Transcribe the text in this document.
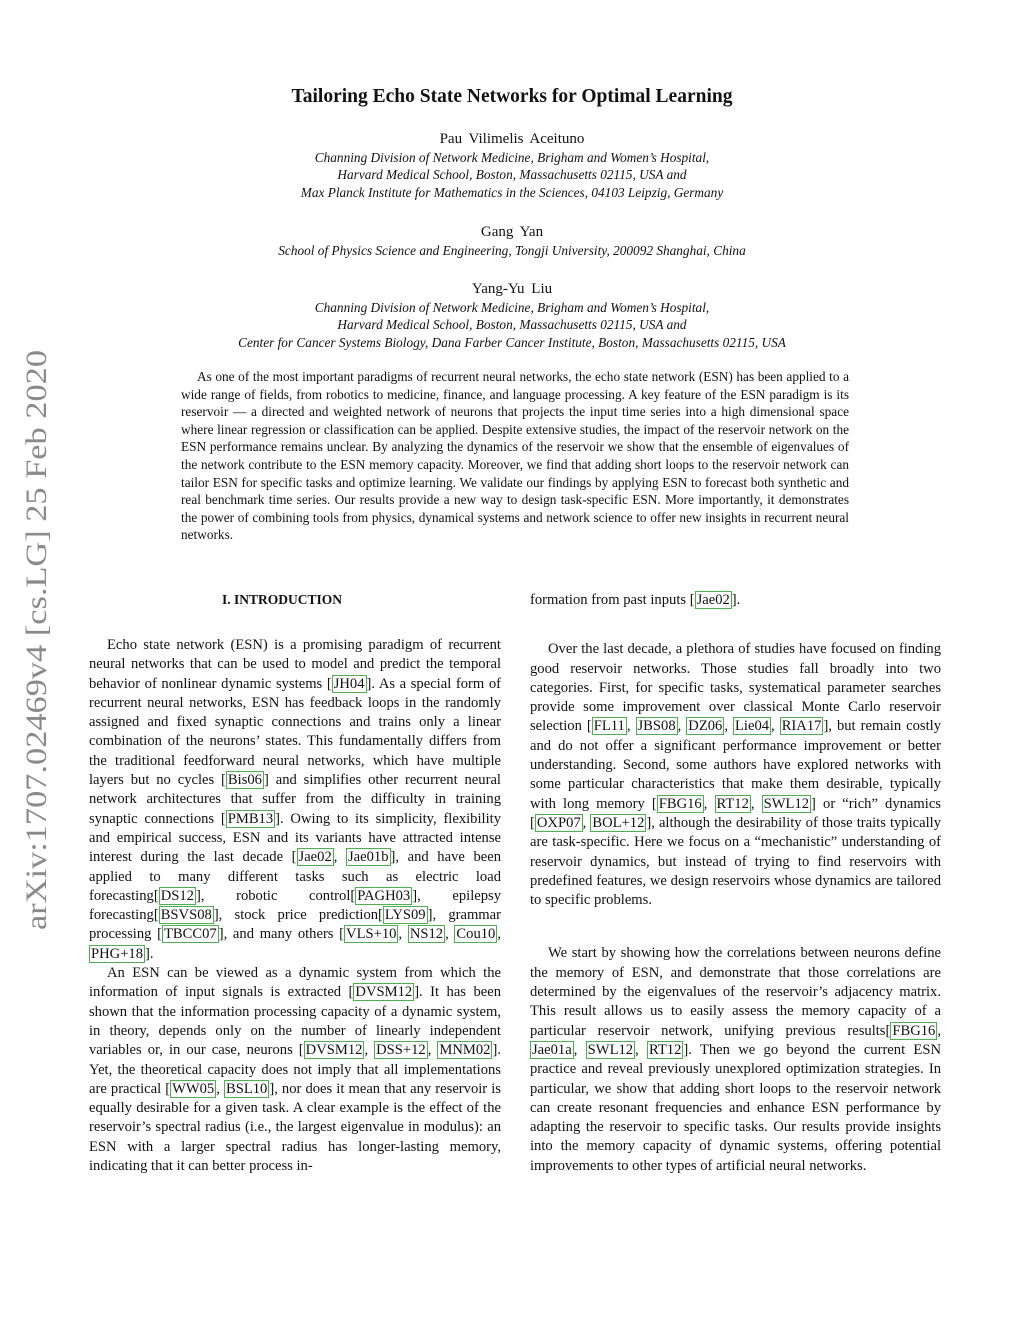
arXiv:1707.02469v4 [cs.LG] 25 Feb 2020
Tailoring Echo State Networks for Optimal Learning
Pau Vilimelis Aceituno
Channing Division of Network Medicine, Brigham and Women’s Hospital,
Harvard Medical School, Boston, Massachusetts 02115, USA and
Max Planck Institute for Mathematics in the Sciences, 04103 Leipzig, Germany
Gang Yan
School of Physics Science and Engineering, Tongji University, 200092 Shanghai, China
Yang-Yu Liu
Channing Division of Network Medicine, Brigham and Women’s Hospital,
Harvard Medical School, Boston, Massachusetts 02115, USA and
Center for Cancer Systems Biology, Dana Farber Cancer Institute, Boston, Massachusetts 02115, USA
As one of the most important paradigms of recurrent neural networks, the echo state network (ESN) has been applied to a wide range of fields, from robotics to medicine, finance, and language processing. A key feature of the ESN paradigm is its reservoir — a directed and weighted network of neurons that projects the input time series into a high dimensional space where linear regression or classification can be applied. Despite extensive studies, the impact of the reservoir network on the ESN performance remains unclear. By analyzing the dynamics of the reservoir we show that the ensemble of eigenvalues of the network contribute to the ESN memory capacity. Moreover, we find that adding short loops to the reservoir network can tailor ESN for specific tasks and optimize learning. We validate our findings by applying ESN to forecast both synthetic and real benchmark time series. Our results provide a new way to design task-specific ESN. More importantly, it demonstrates the power of combining tools from physics, dynamical systems and network science to offer new insights in recurrent neural networks.
I. INTRODUCTION

Echo state network (ESN) is a promising paradigm of recurrent neural networks that can be used to model and predict the temporal behavior of nonlinear dynamic systems [ JH04 ]. As a special form of recurrent neural networks, ESN has feedback loops in the randomly assigned and fixed synaptic connections and trains only a linear combination of the neurons’ states. This fundamentally differs from the traditional feedforward neural networks, which have multiple layers but no cycles [ Bis06 ] and simplifies other recurrent neural network architectures that suffer from the difficulty in training synaptic connections [ PMB13 ]. Owing to its simplicity, flexibility and empirical success, ESN and its variants have attracted intense interest during the last decade [ Jae02 , Jae01b ], and have been applied to many different tasks such as electric load forecasting[ DS12 ], robotic control[ PAGH03 ], epilepsy forecasting[ BSVS08 ], stock price prediction[ LYS09 ], grammar processing [ TBCC07 ], and many others [ VLS+10 , NS12 , Cou10 , PHG+18 ].

An ESN can be viewed as a dynamic system from which the information of input signals is extracted [ DVSM12 ]. It has been shown that the information processing capacity of a dynamic system, in theory, depends only on the number of linearly independent variables or, in our case, neurons [ DVSM12 , DSS+12 , MNM02 ]. Yet, the theoretical capacity does not imply that all implementations are practical [ WW05 , BSL10 ], nor does it mean that any reservoir is equally desirable for a given task. A clear example is the effect of the reservoir’s spectral radius (i.e., the largest eigenvalue in modulus): an ESN with a larger spectral radius has longer-lasting memory, indicating that it can better process in-

formation from past inputs [ Jae02 ].

Over the last decade, a plethora of studies have focused on finding good reservoir networks. Those studies fall broadly into two categories. First, for specific tasks, systematical parameter searches provide some improvement over classical Monte Carlo reservoir selection [ FL11 , JBS08 , DZ06 , Lie04 , RIA17 ], but remain costly and do not offer a significant performance improvement or better understanding. Second, some authors have explored networks with some particular characteristics that make them desirable, typically with long memory [ FBG16 , RT12 , SWL12 ] or “rich” dynamics [ OXP07 , BOL+12 ], although the desirability of those traits typically are task-specific. Here we focus on a “mechanistic” understanding of reservoir dynamics, but instead of trying to find reservoirs with predefined features, we design reservoirs whose dynamics are tailored to specific problems.

We start by showing how the correlations between neurons define the memory of ESN, and demonstrate that those correlations are determined by the eigenvalues of the reservoir’s adjacency matrix. This result allows us to easily assess the memory capacity of a particular reservoir network, unifying previous results[ FBG16 , Jae01a , SWL12 , RT12 ]. Then we go beyond the current ESN practice and reveal previously unexplored optimization strategies. In particular, we show that adding short loops to the reservoir network can create resonant frequencies and enhance ESN performance by adapting the reservoir to specific tasks. Our results provide insights into the memory capacity of dynamic systems, offering potential improvements to other types of artificial neural networks.
